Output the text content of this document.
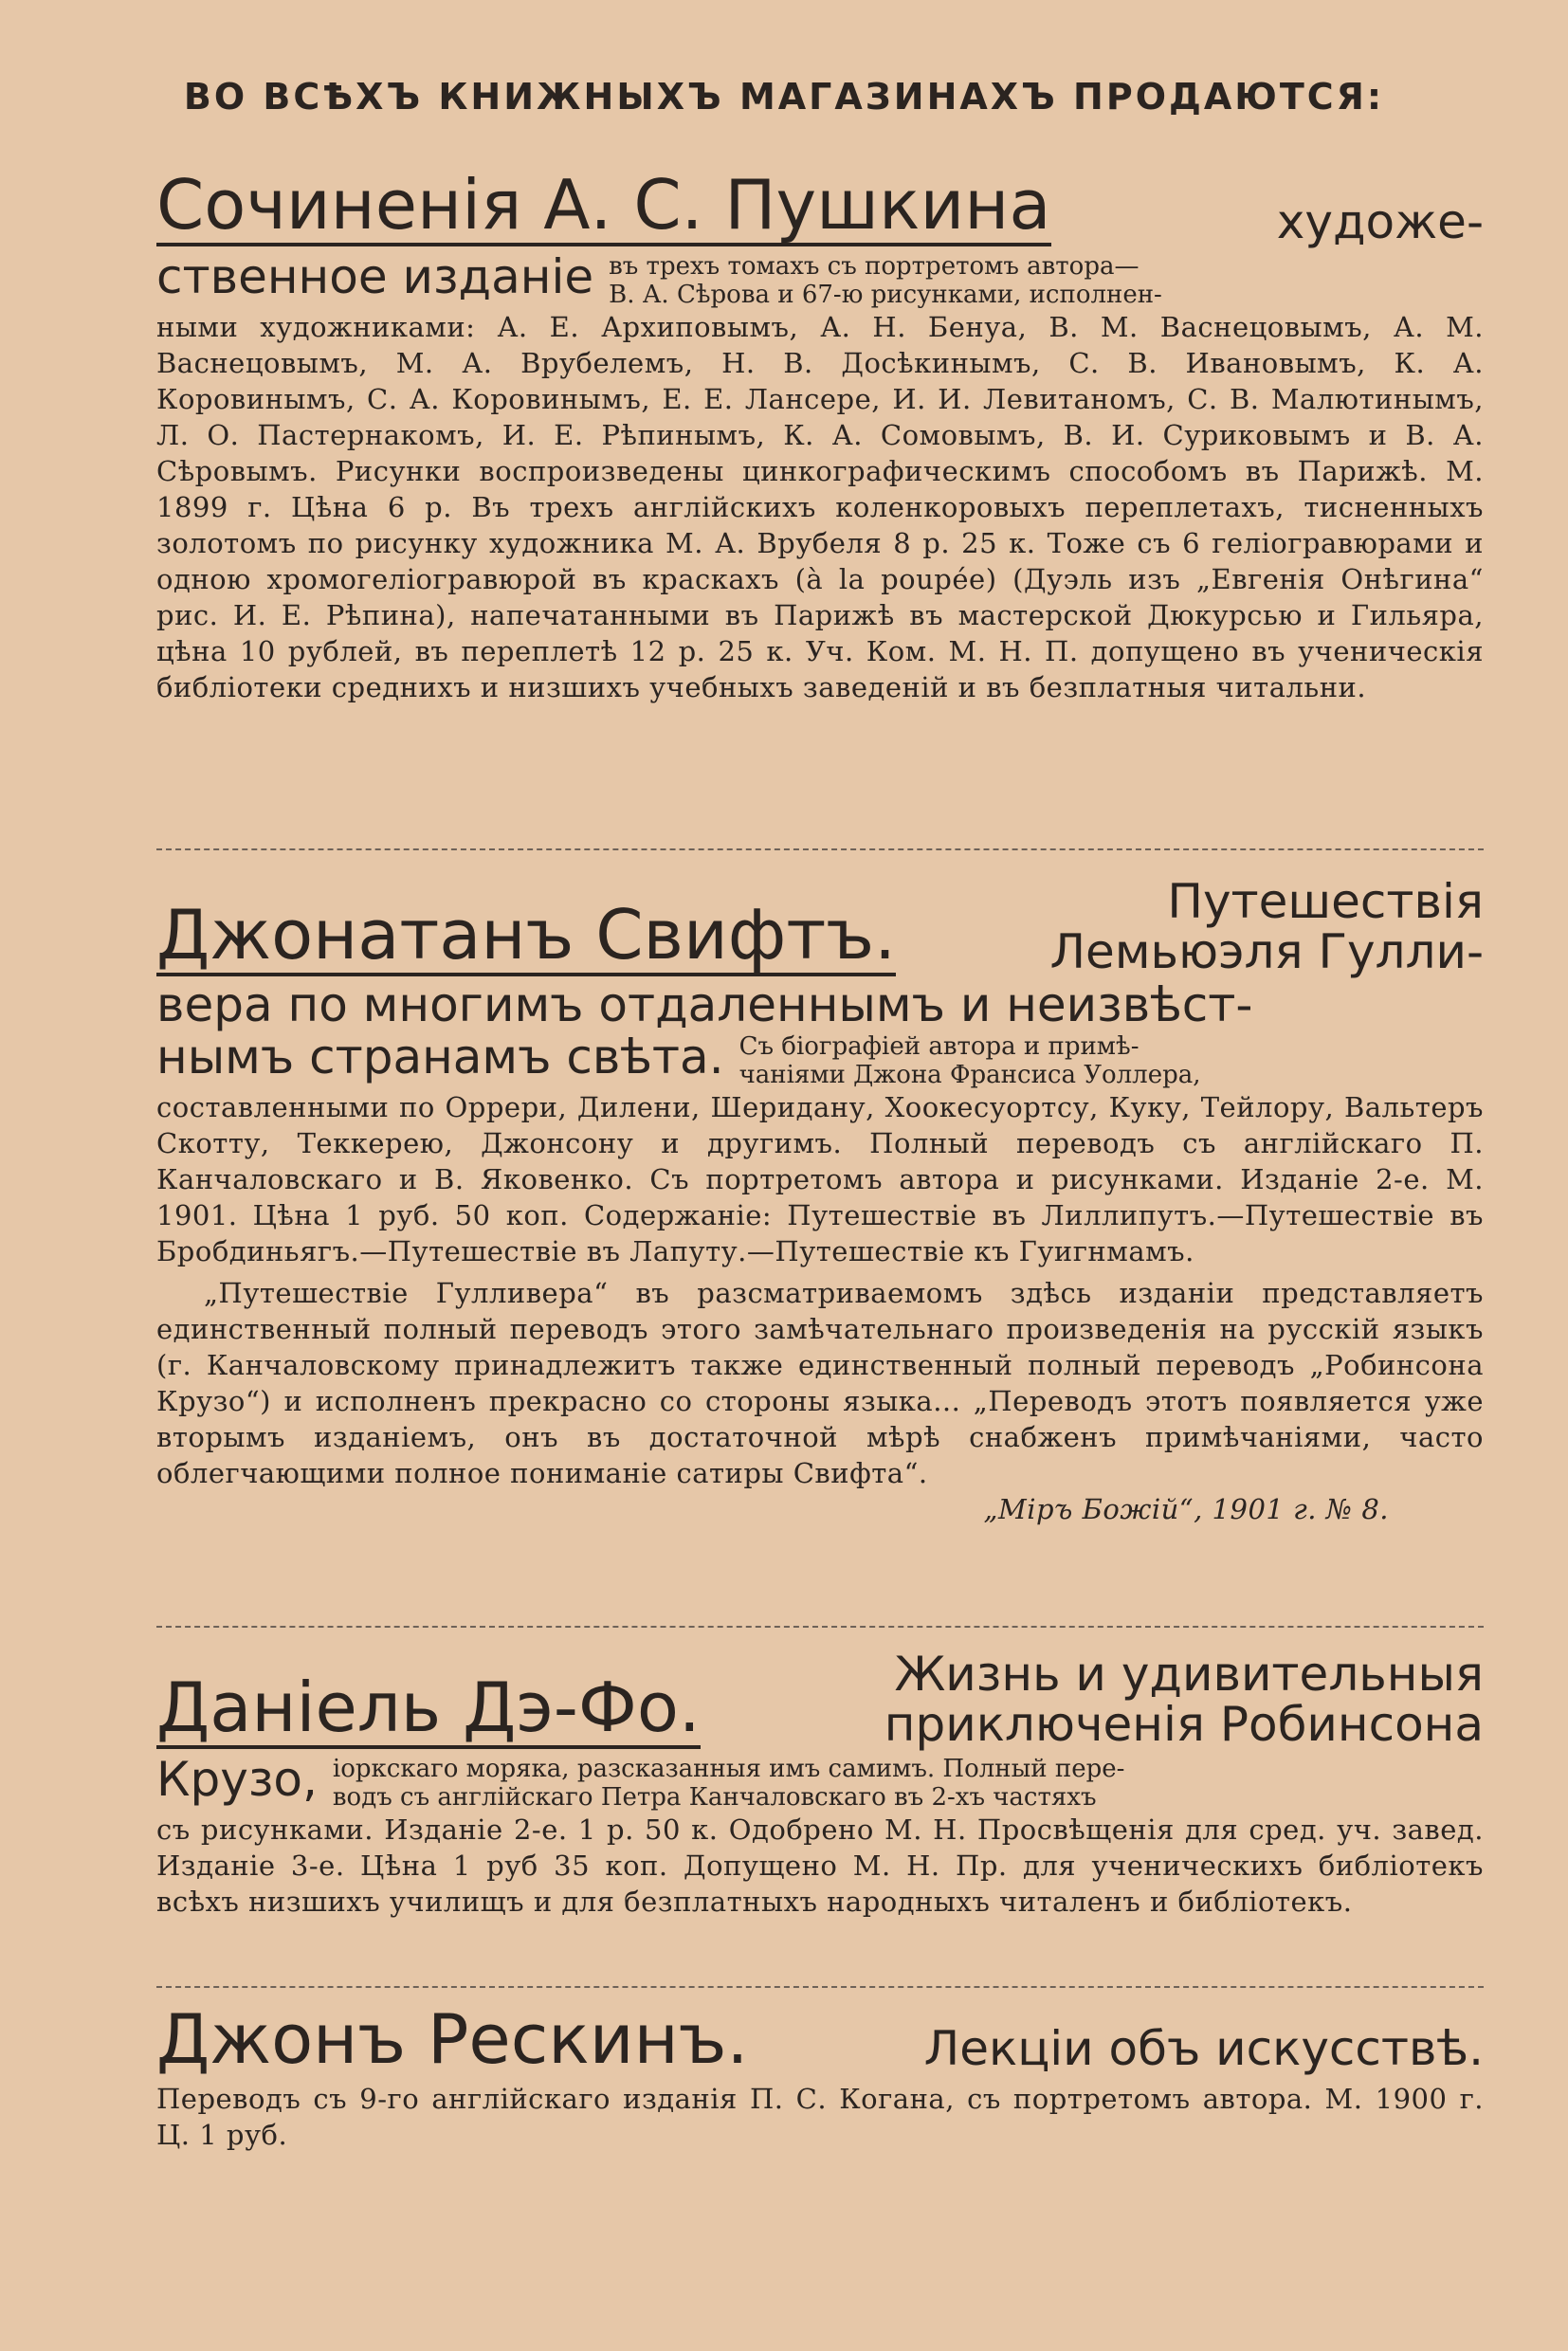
ВО ВСѢХЪ КНИЖНЫХЪ МАГАЗИНАХЪ ПРОДАЮТСЯ:
Сочиненія А. С. Пушкина	художе-
ственное изданіе въ трехъ томахъ съ портретомъ автора—
В. А. Сѣрова и 67-ю рисунками, исполнен-

ными художниками: А. Е. Архиповымъ, А. Н. Бенуа, В. М. Васнецовымъ, А. М. Васнецовымъ, М. А. Врубелемъ, Н. В. Досѣкинымъ, С. В. Ивановымъ, К. А. Коровинымъ, С. А. Коровинымъ, Е. Е. Лансере, И. И. Левитаномъ, С. В. Малютинымъ, Л. О. Пастернакомъ, И. Е. Рѣпинымъ, К. А. Сомовымъ, В. И. Суриковымъ и В. А. Сѣровымъ. Рисунки воспроизведены цинкографическимъ способомъ въ Парижѣ. М. 1899 г. Цѣна 6 р. Въ трехъ англійскихъ коленкоровыхъ переплетахъ, тисненныхъ золотомъ по рисунку художника М. А. Врубеля 8 р. 25 к. Тоже съ 6 геліогравюрами и одною хромогеліогравюрой въ краскахъ (à la poupée) (Дуэль изъ „Евгенія Онѣгина“ рис. И. Е. Рѣпина), напечатанными въ Парижѣ въ мастерской Дюкурсью и Гильяра, цѣна 10 рублей, въ переплетѣ 12 р. 25 к. Уч. Ком. М. Н. П. допущено въ ученическія библіотеки среднихъ и низшихъ учебныхъ заведеній и въ безплатныя читальни.

Джонатанъ Свифтъ.	Путешествія
Лемьюэля Гулли-
вера по многимъ отдаленнымъ и неизвѣст-
нымъ странамъ свѣта. Съ біографіей автора и примѣ-
чаніями Джона Франсиса Уоллера,

составленными по Оррери, Дилени, Шеридану, Хоокесуортсу, Куку, Тейлору, Вальтеръ Скотту, Теккерею, Джонсону и другимъ. Полный переводъ съ англійскаго П. Канчаловскаго и В. Яковенко. Съ портретомъ автора и рисунками. Изданіе 2-е. М. 1901. Цѣна 1 руб. 50 коп. Содержаніе: Путешествіе въ Лиллипутъ.—Путешествіе въ Бробдиньягъ.—Путешествіе въ Лапуту.—Путешествіе къ Гуигнмамъ.

„Путешествіе Гулливера“ въ разсматриваемомъ здѣсь изданіи представляетъ единственный полный переводъ этого замѣчательнаго произведенія на русскій языкъ (г. Канчаловскому принадлежитъ также единственный полный переводъ „Робинсона Крузо“) и исполненъ прекрасно со стороны языка... „Переводъ этотъ появляется уже вторымъ изданіемъ, онъ въ достаточной мѣрѣ снабженъ примѣчаніями, часто облегчающими полное пониманіе сатиры Свифта“.

„Міръ Божій“, 1901 г. № 8.

Даніель Дэ-Фо.	Жизнь и удивительныя
приключенія Робинсона
Крузо, іоркскаго моряка, разсказанныя имъ самимъ. Полный пере-
водъ съ англійскаго Петра Канчаловскаго въ 2-хъ частяхъ

съ рисунками. Изданіе 2-е. 1 р. 50 к. Одобрено М. Н. Просвѣщенія для сред. уч. завед. Изданіе 3-е. Цѣна 1 руб 35 коп. Допущено М. Н. Пр. для ученическихъ библіотекъ всѣхъ низшихъ училищъ и для безплатныхъ народныхъ читаленъ и библіотекъ.

Джонъ Рескинъ.	Лекціи объ искусствѣ.

Переводъ съ 9-го англійскаго изданія П. С. Когана, съ портретомъ автора. М. 1900 г. Ц. 1 руб.
